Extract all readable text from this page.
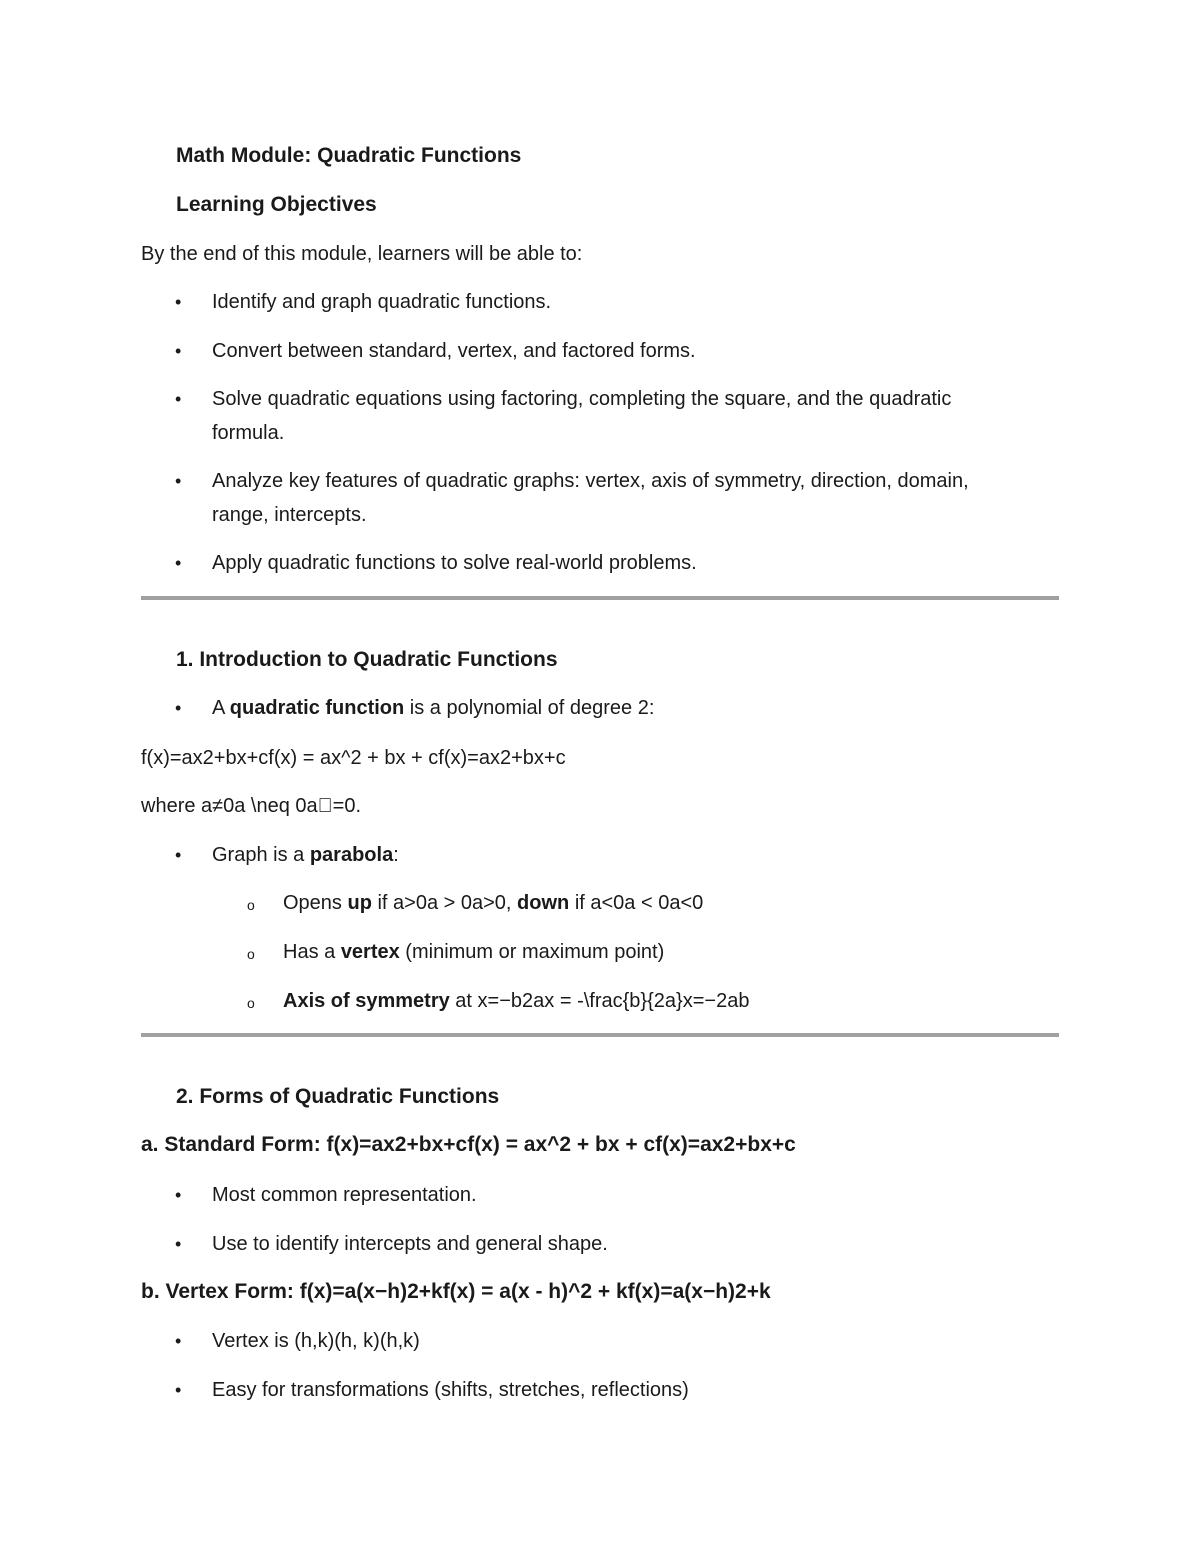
Math Module: Quadratic Functions
Learning Objectives
By the end of this module, learners will be able to:
• Identify and graph quadratic functions.
• Convert between standard, vertex, and factored forms.
• Solve quadratic equations using factoring, completing the square, and the quadratic
formula.
• Analyze key features of quadratic graphs: vertex, axis of symmetry, direction, domain,
range, intercepts.
• Apply quadratic functions to solve real-world problems.
1. Introduction to Quadratic Functions
• A quadratic function is a polynomial of degree 2:
f(x)=ax2+bx+cf(x) = ax^2 + bx + cf(x)=ax2+bx+c
where a≠0a \neq 0a =0.
• Graph is a parabola:
o Opens up if a>0a > 0a>0, down if a<0a < 0a<0
o Has a vertex (minimum or maximum point)
o Axis of symmetry at x=−b2ax = -\frac{b}{2a}x=−2ab
2. Forms of Quadratic Functions
a. Standard Form: f(x)=ax2+bx+cf(x) = ax^2 + bx + cf(x)=ax2+bx+c
• Most common representation.
• Use to identify intercepts and general shape.
b. Vertex Form: f(x)=a(x−h)2+kf(x) = a(x - h)^2 + kf(x)=a(x−h)2+k
• Vertex is (h,k)(h, k)(h,k)
• Easy for transformations (shifts, stretches, reflections)
